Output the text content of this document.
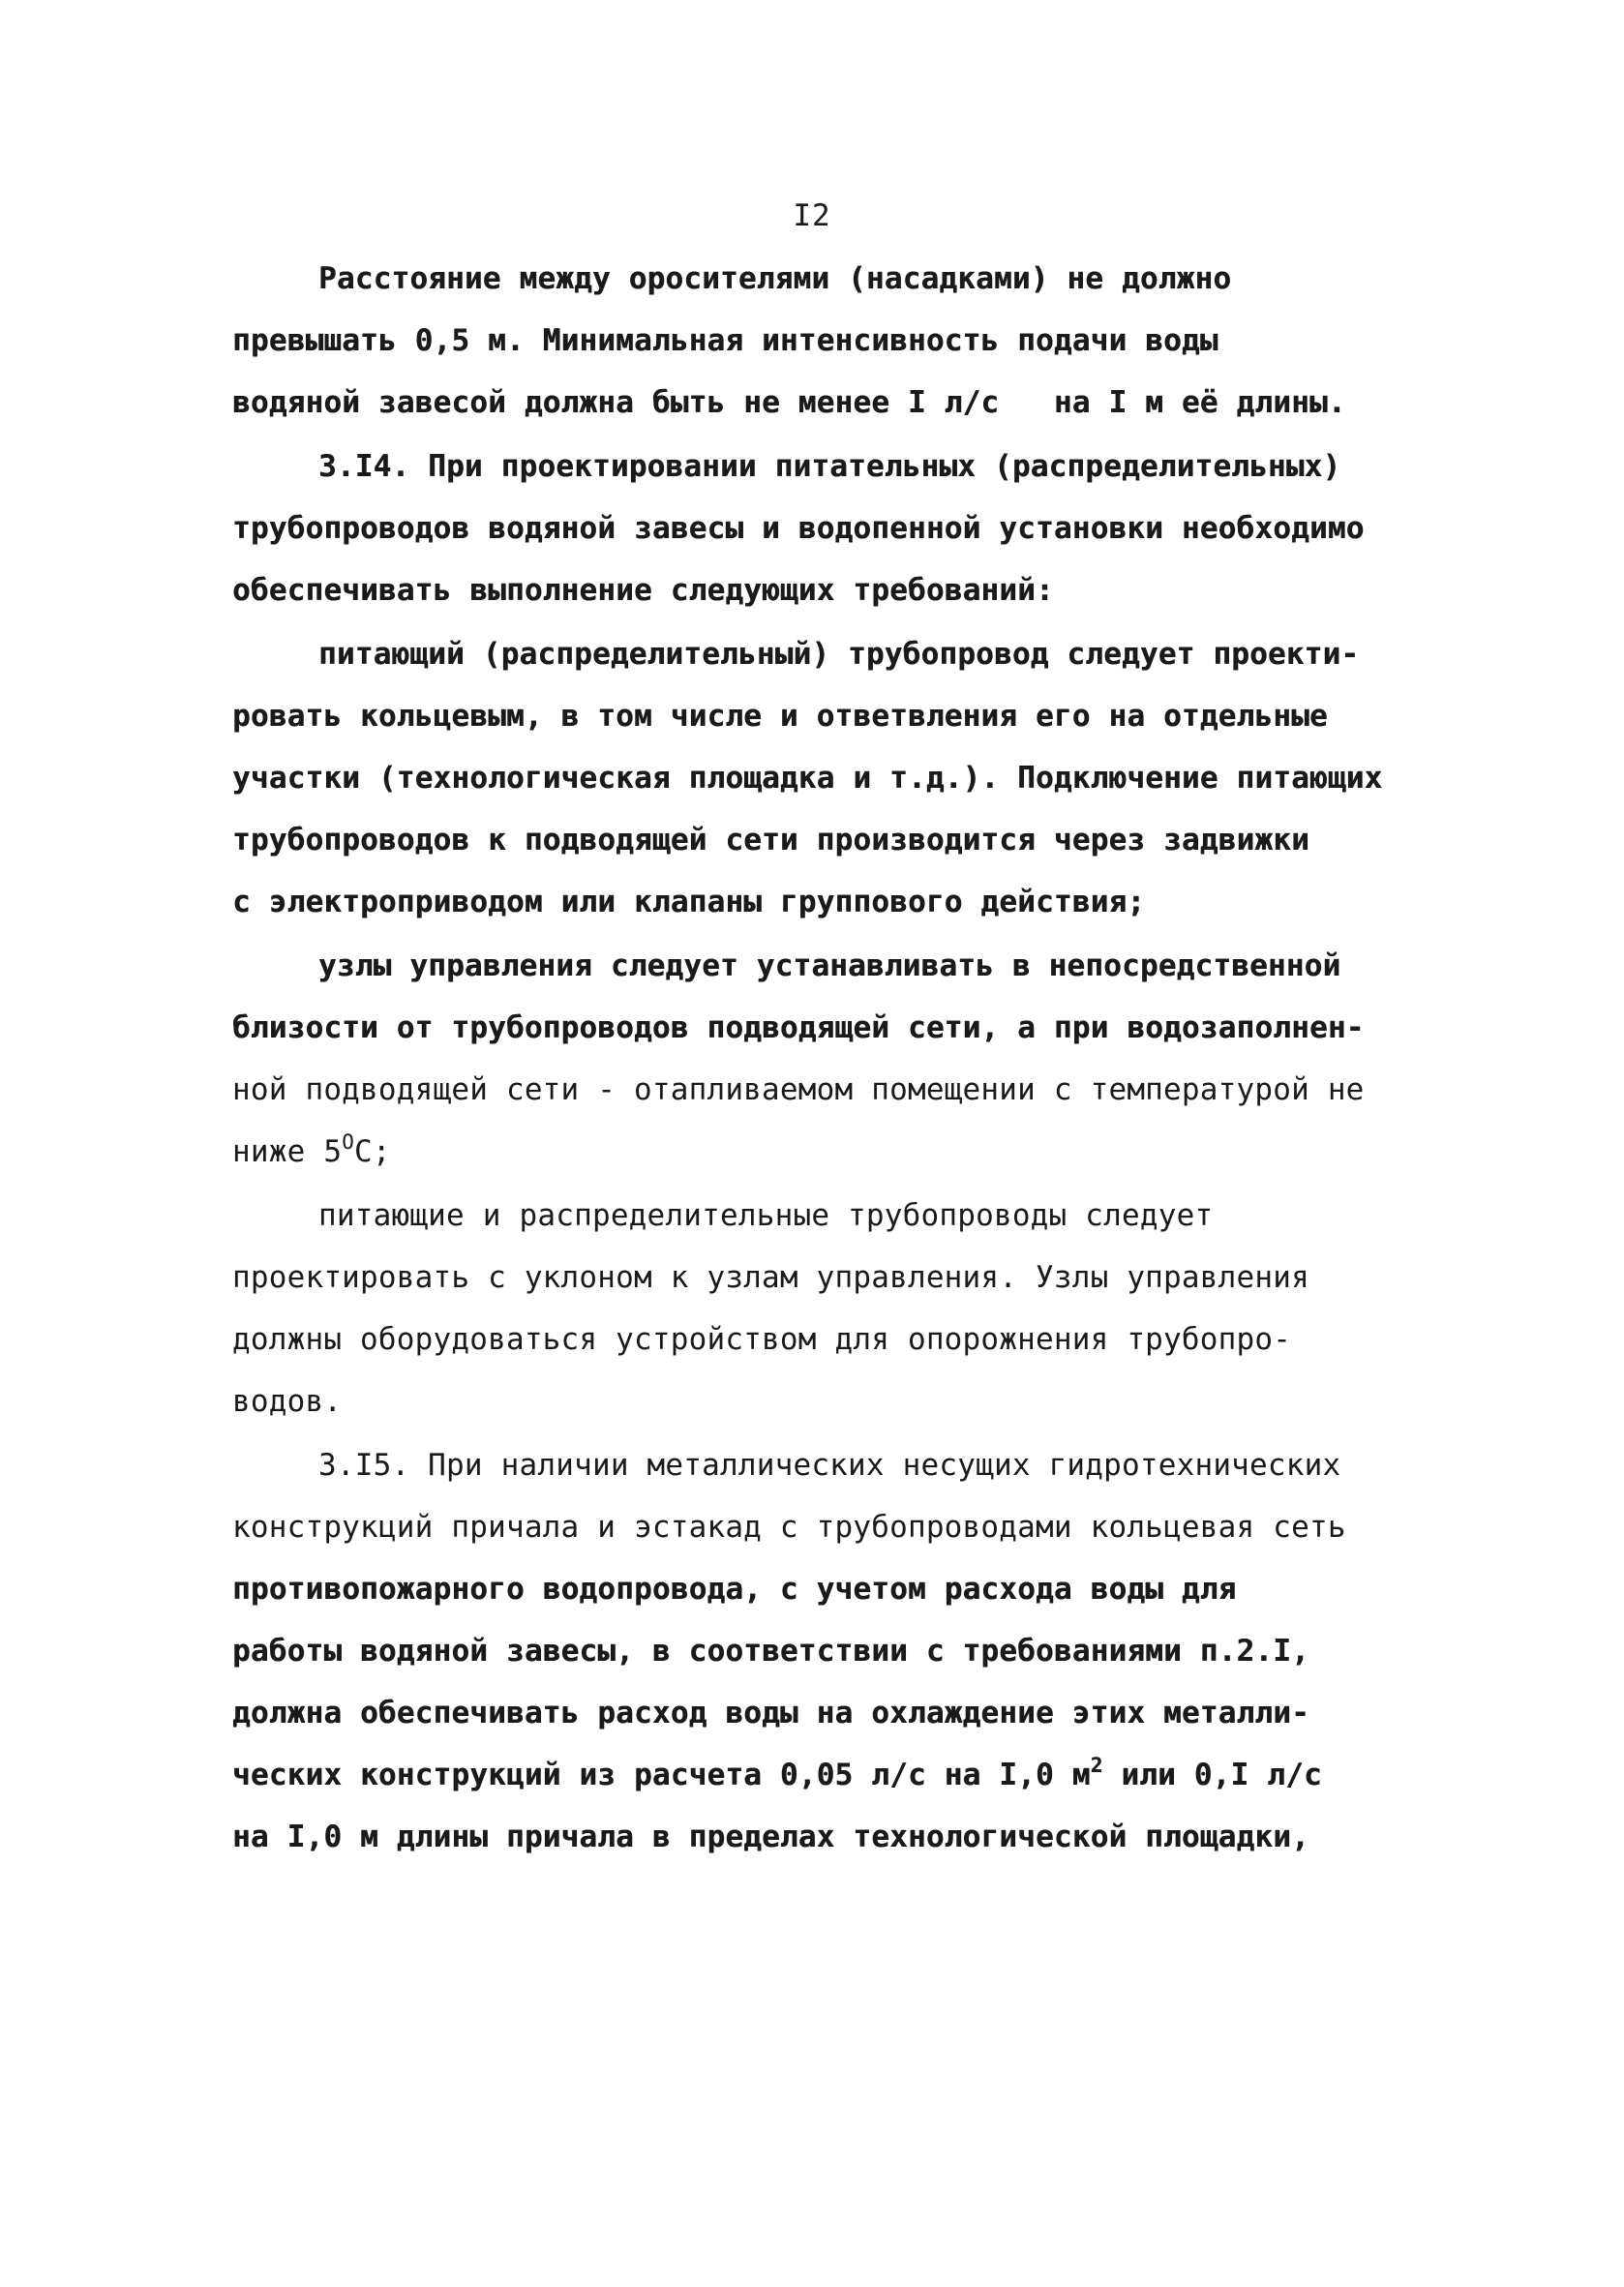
I2
Расстояние между оросителями (насадками) не должно
превышать 0,5 м. Минимальная интенсивность подачи воды
водяной завесой должна быть не менее I л/с   на I м её длины.
3.I4. При проектировании питательных (распределительных)
трубопроводов водяной завесы и водопенной установки необходимо
обеспечивать выполнение следующих требований:
питающий (распределительный) трубопровод следует проекти-
ровать кольцевым, в том числе и ответвления его на отдельные
участки (технологическая площадка и т.д.). Подключение питающих
трубопроводов к подводящей сети производится через задвижки
с электроприводом или клапаны группового действия;
узлы управления следует устанавливать в непосредственной
близости от трубопроводов подводящей сети, а при водозаполнен-
ной подводящей сети - отапливаемом помещении с температурой не
ниже $5^OC$;
питающие и распределительные трубопроводы следует
проектировать с уклоном к узлам управления. Узлы управления
должны оборудоваться устройством для опорожнения трубопро-
водов.
3.I5. При наличии металлических несущих гидротехнических
конструкций причала и эстакад с трубопроводами кольцевая сеть
противопожарного водопровода, с учетом расхода воды для
работы водяной завесы, в соответствии с требованиями п.2.I,
должна обеспечивать расход воды на охлаждение этих металли-
ческих конструкций из расчета 0,05 л/с на I,0 $м^2$ или 0,I л/с
на I,0 м длины причала в пределах технологической площадки,
